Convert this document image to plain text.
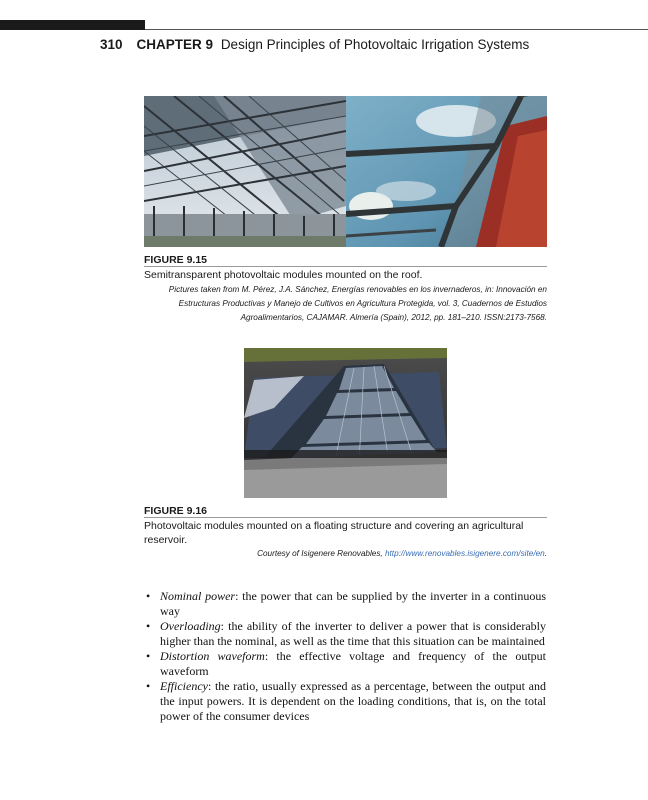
310 CHAPTER 9 Design Principles of Photovoltaic Irrigation Systems
FIGURE 9.15
Semitransparent photovoltaic modules mounted on the roof.
Pictures taken from M. Pérez, J.A. Sánchez, Energías renovables en los invernaderos, in: Innovación en
Estructuras Productivas y Manejo de Cultivos en Agricultura Protegida, vol. 3, Cuadernos de Estudios
Agroalimentarios, CAJAMAR. Almería (Spain), 2012, pp. 181–210. ISSN:2173-7568.
FIGURE 9.16
Photovoltaic modules mounted on a floating structure and covering an agricultural
reservoir.
Courtesy of Isigenere Renovables, http://www.renovables.isigenere.com/site/en.
• Nominal power: the power that can be supplied by the inverter in a continuous way
• Overloading: the ability of the inverter to deliver a power that is considerably higher than the nominal, as well as the time that this situation can be maintained
• Distortion waveform: the effective voltage and frequency of the output waveform
• Efficiency: the ratio, usually expressed as a percentage, between the output and the input powers. It is dependent on the loading conditions, that is, on the total power of the consumer devices
